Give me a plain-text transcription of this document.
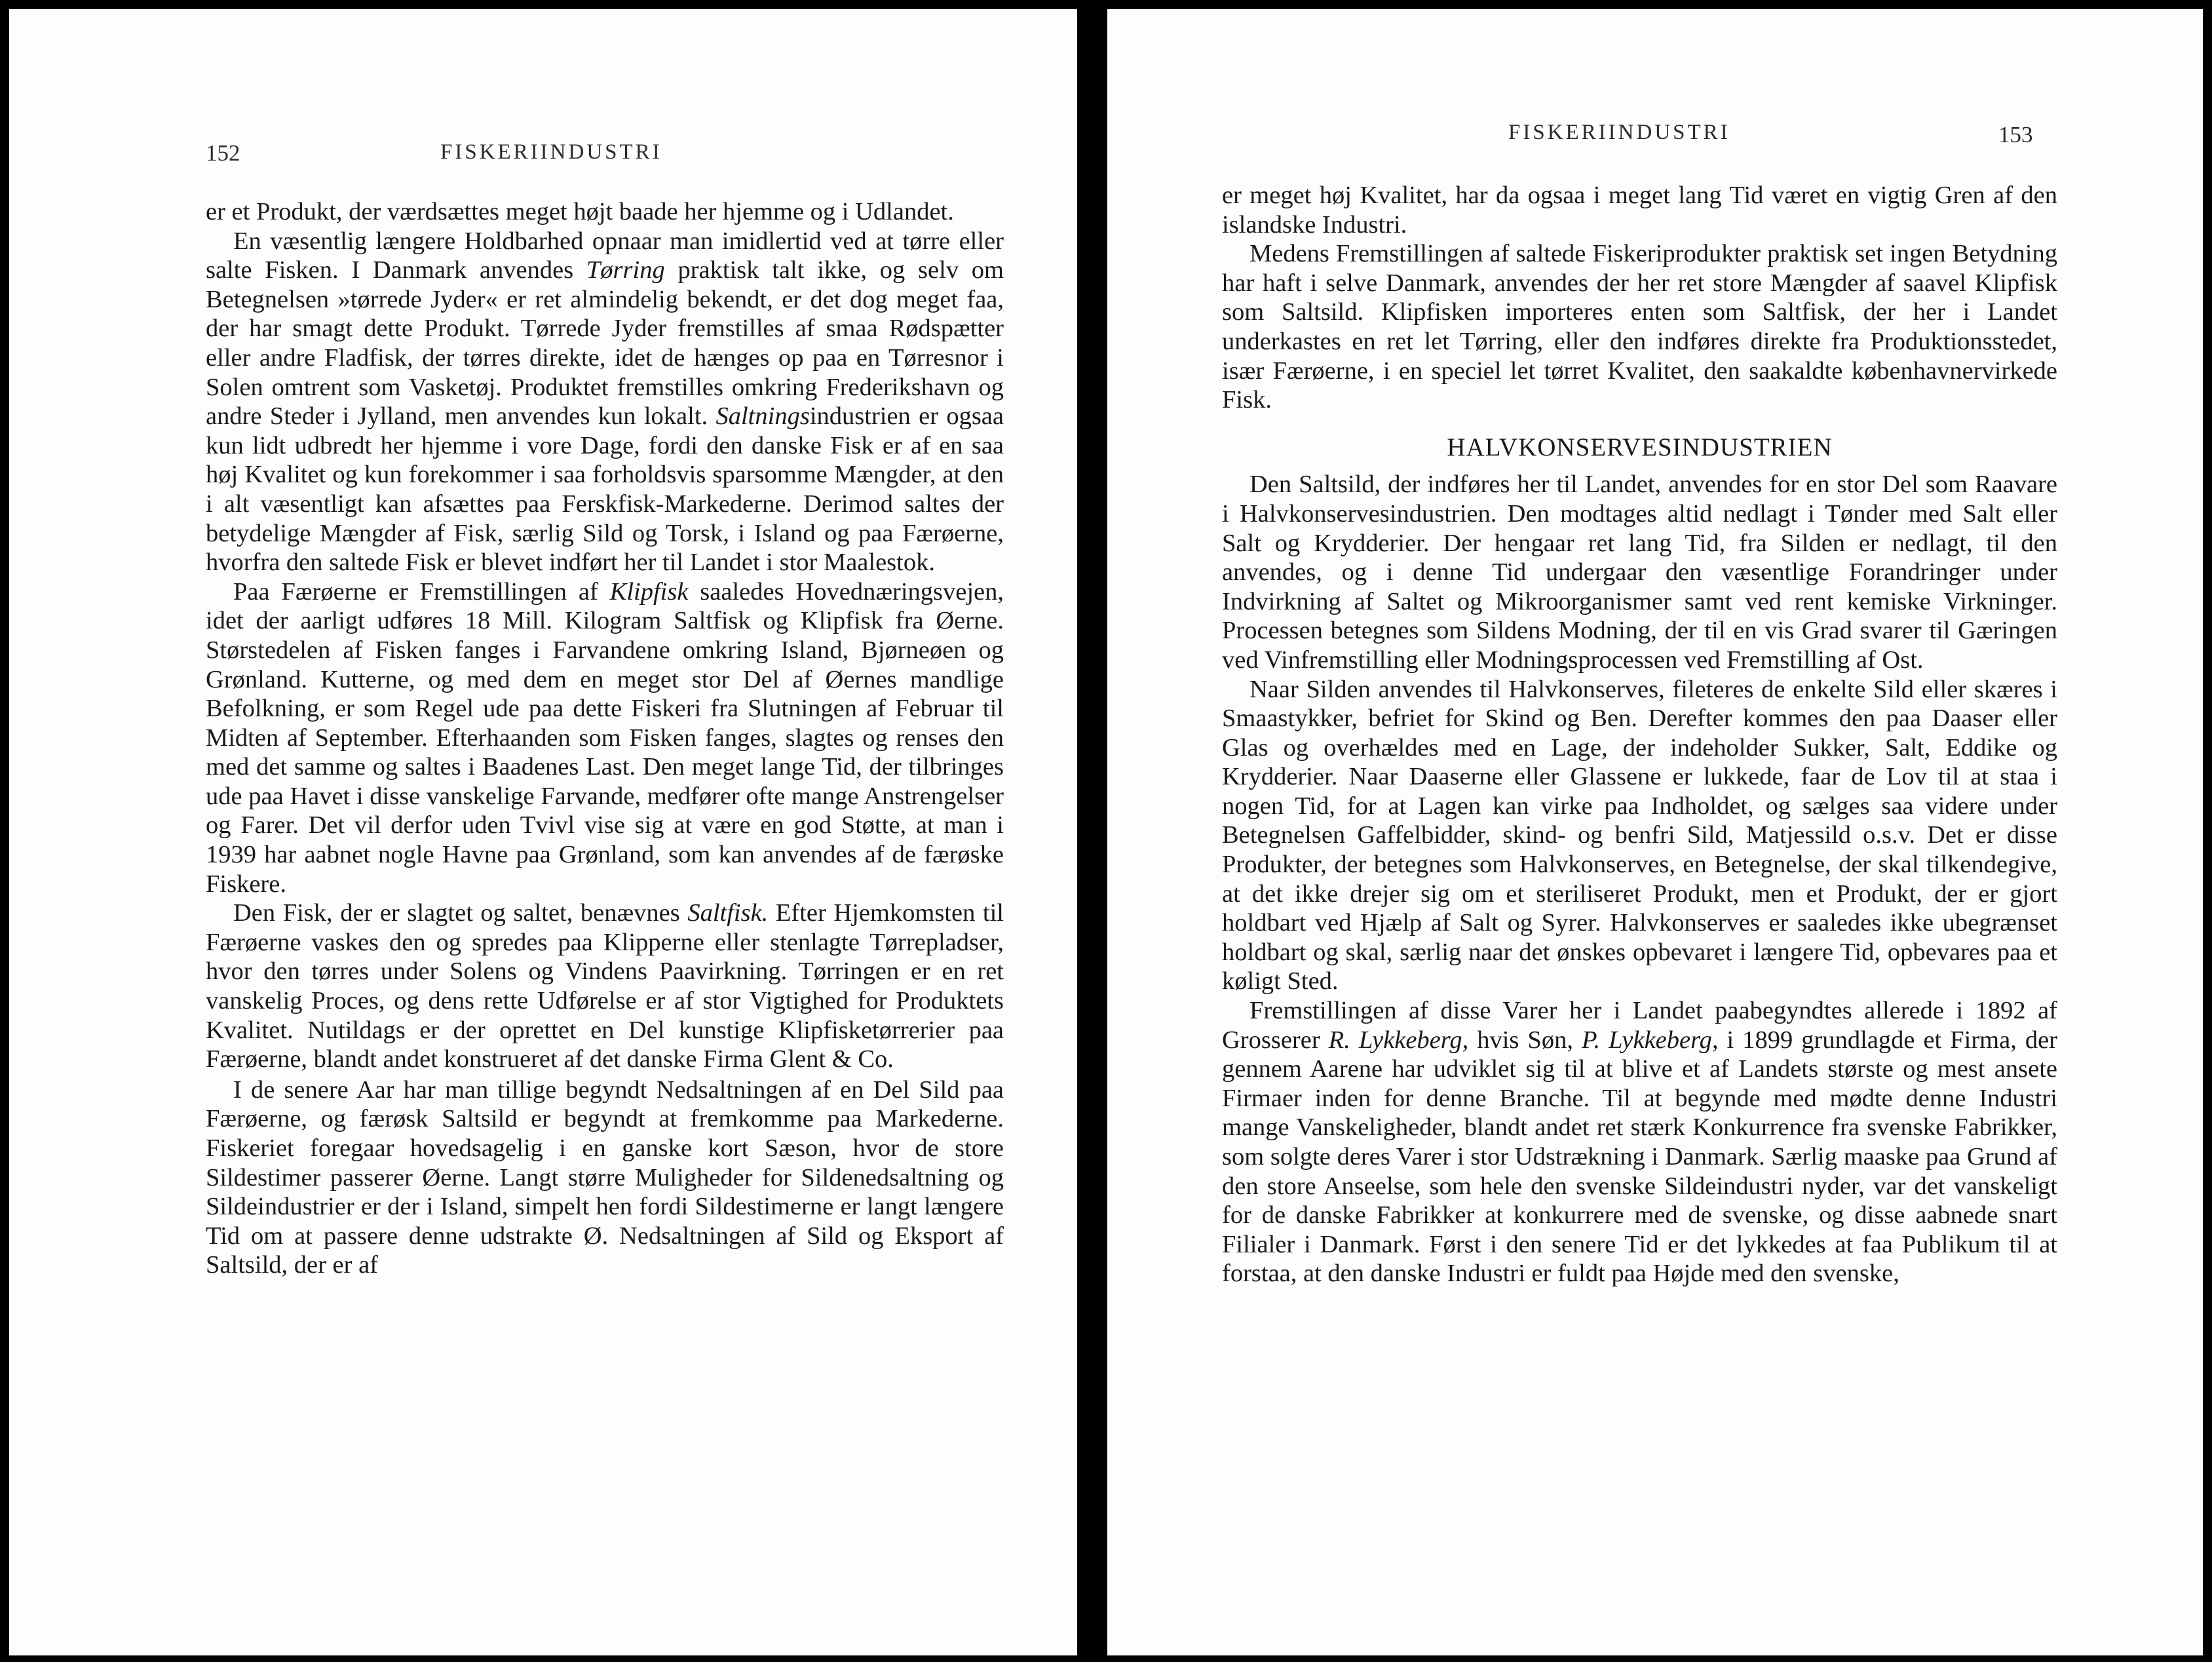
152	FISKERIINDUSTRI

er et Produkt, der værdsættes meget højt baade her hjemme og i Udlandet.

En væsentlig længere Holdbarhed opnaar man imidlertid ved at tørre eller salte Fisken. I Danmark anvendes Tørring praktisk talt ikke, og selv om Betegnelsen »tørrede Jyder« er ret almindelig bekendt, er det dog meget faa, der har smagt dette Produkt. Tørrede Jyder fremstilles af smaa Rødspætter eller andre Fladfisk, der tørres direkte, idet de hænges op paa en Tørresnor i Solen omtrent som Vasketøj. Produktet fremstilles omkring Frederikshavn og andre Steder i Jylland, men anvendes kun lokalt. Saltningsindustrien er ogsaa kun lidt udbredt her hjemme i vore Dage, fordi den danske Fisk er af en saa høj Kvalitet og kun forekommer i saa forholdsvis sparsomme Mængder, at den i alt væsentligt kan afsættes paa Ferskfisk-Markederne. Derimod saltes der betydelige Mængder af Fisk, særlig Sild og Torsk, i Island og paa Færøerne, hvorfra den saltede Fisk er blevet indført her til Landet i stor Maalestok.

Paa Færøerne er Fremstillingen af Klipfisk saaledes Hovednæringsvejen, idet der aarligt udføres 18 Mill. Kilogram Saltfisk og Klipfisk fra Øerne. Størstedelen af Fisken fanges i Farvandene omkring Island, Bjørneøen og Grønland. Kutterne, og med dem en meget stor Del af Øernes mandlige Befolkning, er som Regel ude paa dette Fiskeri fra Slutningen af Februar til Midten af September. Efterhaanden som Fisken fanges, slagtes og renses den med det samme og saltes i Baadenes Last. Den meget lange Tid, der tilbringes ude paa Havet i disse vanskelige Farvande, medfører ofte mange Anstrengelser og Farer. Det vil derfor uden Tvivl vise sig at være en god Støtte, at man i 1939 har aabnet nogle Havne paa Grønland, som kan anvendes af de færøske Fiskere.

Den Fisk, der er slagtet og saltet, benævnes Saltfisk. Efter Hjemkomsten til Færøerne vaskes den og spredes paa Klipperne eller stenlagte Tørrepladser, hvor den tørres under Solens og Vindens Paavirkning. Tørringen er en ret vanskelig Proces, og dens rette Udførelse er af stor Vigtighed for Produktets Kvalitet. Nutildags er der oprettet en Del kunstige Klipfisketørrerier paa Færøerne, blandt andet konstrueret af det danske Firma Glent & Co.

I de senere Aar har man tillige begyndt Nedsaltningen af en Del Sild paa Færøerne, og færøsk Saltsild er begyndt at fremkomme paa Markederne. Fiskeriet foregaar hovedsagelig i en ganske kort Sæson, hvor de store Sildestimer passerer Øerne. Langt større Muligheder for Sildenedsaltning og Sildeindustrier er der i Island, simpelt hen fordi Sildestimerne er langt længere Tid om at passere denne udstrakte Ø. Nedsaltningen af Sild og Eksport af Saltsild, der er af

FISKERIINDUSTRI	153

er meget høj Kvalitet, har da ogsaa i meget lang Tid været en vigtig Gren af den islandske Industri.

Medens Fremstillingen af saltede Fiskeriprodukter praktisk set ingen Betydning har haft i selve Danmark, anvendes der her ret store Mængder af saavel Klipfisk som Saltsild. Klipfisken importeres enten som Saltfisk, der her i Landet underkastes en ret let Tørring, eller den indføres direkte fra Produktionsstedet, især Færøerne, i en speciel let tørret Kvalitet, den saakaldte københavnervirkede Fisk.

HALVKONSERVESINDUSTRIEN

Den Saltsild, der indføres her til Landet, anvendes for en stor Del som Raavare i Halvkonservesindustrien. Den modtages altid nedlagt i Tønder med Salt eller Salt og Krydderier. Der hengaar ret lang Tid, fra Silden er nedlagt, til den anvendes, og i denne Tid undergaar den væsentlige Forandringer under Indvirkning af Saltet og Mikroorganismer samt ved rent kemiske Virkninger. Processen betegnes som Sildens Modning, der til en vis Grad svarer til Gæringen ved Vinfremstilling eller Modningsprocessen ved Fremstilling af Ost.

Naar Silden anvendes til Halvkonserves, fileteres de enkelte Sild eller skæres i Smaastykker, befriet for Skind og Ben. Derefter kommes den paa Daaser eller Glas og overhældes med en Lage, der indeholder Sukker, Salt, Eddike og Krydderier. Naar Daaserne eller Glassene er lukkede, faar de Lov til at staa i nogen Tid, for at Lagen kan virke paa Indholdet, og sælges saa videre under Betegnelsen Gaffelbidder, skind- og benfri Sild, Matjessild o.s.v. Det er disse Produkter, der betegnes som Halvkonserves, en Betegnelse, der skal tilkendegive, at det ikke drejer sig om et steriliseret Produkt, men et Produkt, der er gjort holdbart ved Hjælp af Salt og Syrer. Halvkonserves er saaledes ikke ubegrænset holdbart og skal, særlig naar det ønskes opbevaret i længere Tid, opbevares paa et køligt Sted.

Fremstillingen af disse Varer her i Landet paabegyndtes allerede i 1892 af Grosserer R. Lykkeberg, hvis Søn, P. Lykkeberg, i 1899 grundlagde et Firma, der gennem Aarene har udviklet sig til at blive et af Landets største og mest ansete Firmaer inden for denne Branche. Til at begynde med mødte denne Industri mange Vanskeligheder, blandt andet ret stærk Konkurrence fra svenske Fabrikker, som solgte deres Varer i stor Udstrækning i Danmark. Særlig maaske paa Grund af den store Anseelse, som hele den svenske Sildeindustri nyder, var det vanskeligt for de danske Fabrikker at konkurrere med de svenske, og disse aabnede snart Filialer i Danmark. Først i den senere Tid er det lykkedes at faa Publikum til at forstaa, at den danske Industri er fuldt paa Højde med den svenske,
